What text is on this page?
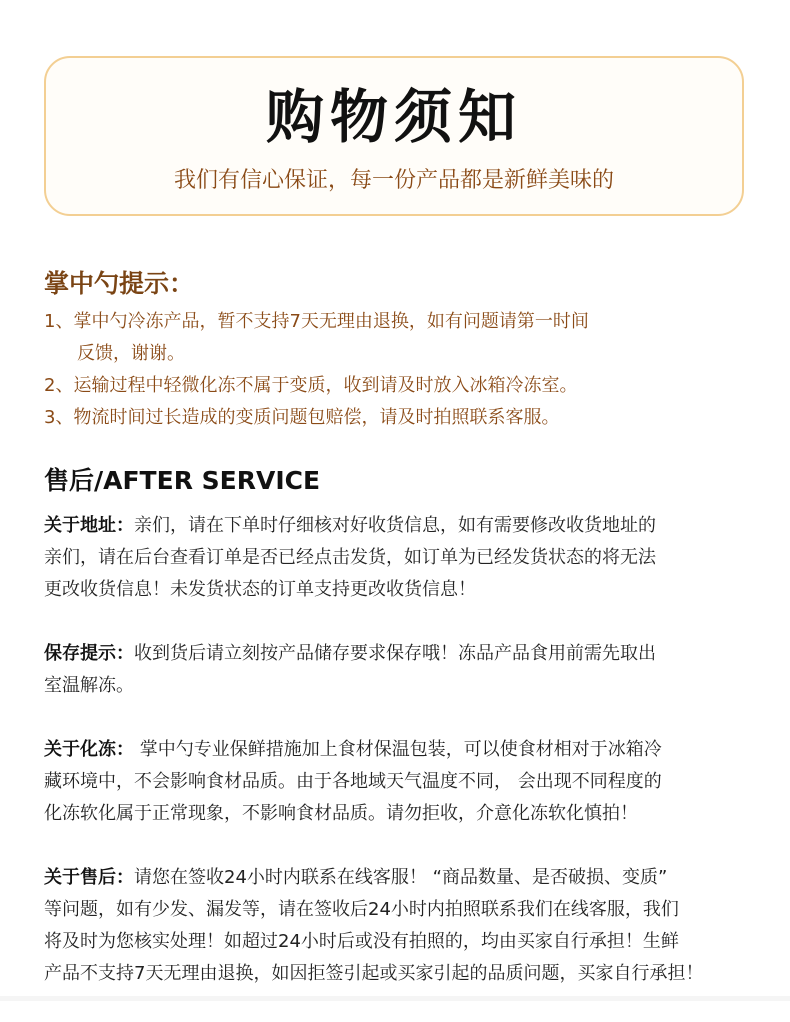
购物须知
我们有信心保证，每一份产品都是新鲜美味的

掌中勺提示：

1、掌中勺冷冻产品，暂不支持7天无理由退换，如有问题请第一时间
反馈，谢谢。

2、运输过程中轻微化冻不属于变质，收到请及时放入冰箱冷冻室。

3、物流时间过长造成的变质问题包赔偿，请及时拍照联系客服。

售后/AFTER SERVICE

关于地址：亲们，请在下单时仔细核对好收货信息，如有需要修改收货地址的
亲们，请在后台查看订单是否已经点击发货，如订单为已经发货状态的将无法
更改收货信息！未发货状态的订单支持更改收货信息！

保存提示：收到货后请立刻按产品储存要求保存哦！冻品产品食用前需先取出
室温解冻。

关于化冻： 掌中勺专业保鲜措施加上食材保温包装，可以使食材相对于冰箱冷
藏环境中，不会影响食材品质。由于各地域天气温度不同， 会出现不同程度的
化冻软化属于正常现象，不影响食材品质。请勿拒收，介意化冻软化慎拍！

关于售后：请您在签收24小时内联系在线客服！ “商品数量、是否破损、变质”
等问题，如有少发、漏发等，请在签收后24小时内拍照联系我们在线客服，我们
将及时为您核实处理！如超过24小时后或没有拍照的，均由买家自行承担！生鲜
产品不支持7天无理由退换，如因拒签引起或买家引起的品质问题，买家自行承担！
